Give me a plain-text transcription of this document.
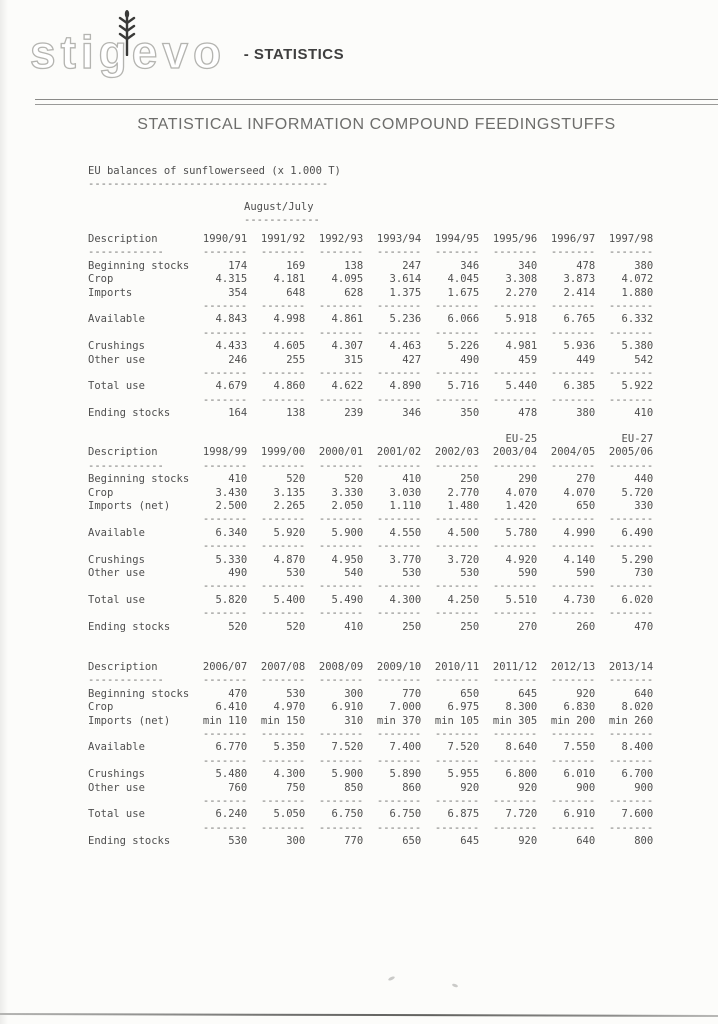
stigevo - STATISTICS
STATISTICAL INFORMATION COMPOUND FEEDINGSTUFFS
EU balances of sunflowerseed (x 1.000 T)
--------------------------------------
August/July
------------
Description	1990/91	1991/92	1992/93	1993/94	1994/95	1995/96	1996/97	1997/98
------------	-------	-------	-------	-------	-------	-------	-------	-------
Beginning stocks	174	169	138	247	346	340	478	380
Crop	4.315	4.181	4.095	3.614	4.045	3.308	3.873	4.072
Imports	354	648	628	1.375	1.675	2.270	2.414	1.880
	-------	-------	-------	-------	-------	-------	-------	-------
Available	4.843	4.998	4.861	5.236	6.066	5.918	6.765	6.332
	-------	-------	-------	-------	-------	-------	-------	-------
Crushings	4.433	4.605	4.307	4.463	5.226	4.981	5.936	5.380
Other use	246	255	315	427	490	459	449	542
	-------	-------	-------	-------	-------	-------	-------	-------
Total use	4.679	4.860	4.622	4.890	5.716	5.440	6.385	5.922
	-------	-------	-------	-------	-------	-------	-------	-------
Ending stocks	164	138	239	346	350	478	380	410
						EU-25		EU-27
Description	1998/99	1999/00	2000/01	2001/02	2002/03	2003/04	2004/05	2005/06
------------	-------	-------	-------	-------	-------	-------	-------	-------
Beginning stocks	410	520	520	410	250	290	270	440
Crop	3.430	3.135	3.330	3.030	2.770	4.070	4.070	5.720
Imports (net)	2.500	2.265	2.050	1.110	1.480	1.420	650	330
	-------	-------	-------	-------	-------	-------	-------	-------
Available	6.340	5.920	5.900	4.550	4.500	5.780	4.990	6.490
	-------	-------	-------	-------	-------	-------	-------	-------
Crushings	5.330	4.870	4.950	3.770	3.720	4.920	4.140	5.290
Other use	490	530	540	530	530	590	590	730
	-------	-------	-------	-------	-------	-------	-------	-------
Total use	5.820	5.400	5.490	4.300	4.250	5.510	4.730	6.020
	-------	-------	-------	-------	-------	-------	-------	-------
Ending stocks	520	520	410	250	250	270	260	470
Description	2006/07	2007/08	2008/09	2009/10	2010/11	2011/12	2012/13	2013/14
------------	-------	-------	-------	-------	-------	-------	-------	-------
Beginning stocks	470	530	300	770	650	645	920	640
Crop	6.410	4.970	6.910	7.000	6.975	8.300	6.830	8.020
Imports (net)	min 110	min 150	310	min 370	min 105	min 305	min 200	min 260
	-------	-------	-------	-------	-------	-------	-------	-------
Available	6.770	5.350	7.520	7.400	7.520	8.640	7.550	8.400
	-------	-------	-------	-------	-------	-------	-------	-------
Crushings	5.480	4.300	5.900	5.890	5.955	6.800	6.010	6.700
Other use	760	750	850	860	920	920	900	900
	-------	-------	-------	-------	-------	-------	-------	-------
Total use	6.240	5.050	6.750	6.750	6.875	7.720	6.910	7.600
	-------	-------	-------	-------	-------	-------	-------	-------
Ending stocks	530	300	770	650	645	920	640	800
